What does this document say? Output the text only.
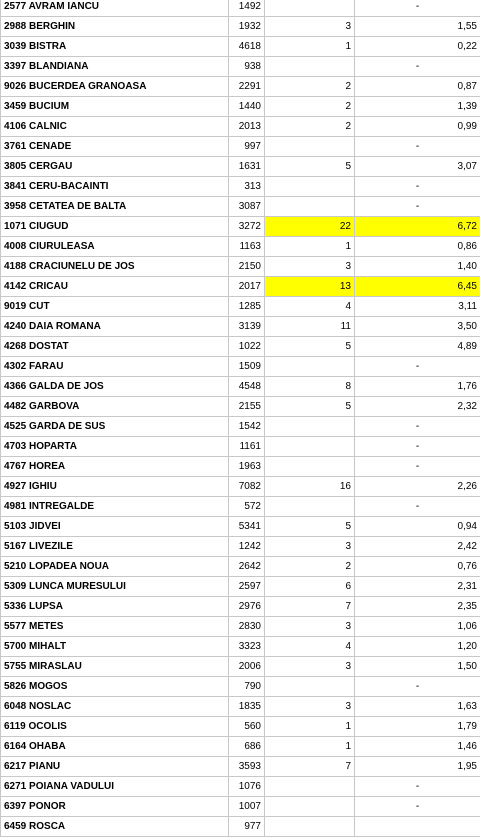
2577 AVRAM IANCU	1492		-
2988 BERGHIN	1932	3	1,55
3039 BISTRA	4618	1	0,22
3397 BLANDIANA	938		-
9026 BUCERDEA GRANOASA	2291	2	0,87
3459 BUCIUM	1440	2	1,39
4106 CALNIC	2013	2	0,99
3761 CENADE	997		-
3805 CERGAU	1631	5	3,07
3841 CERU-BACAINTI	313		-
3958 CETATEA DE BALTA	3087		-
1071 CIUGUD	3272	22	6,72
4008 CIURULEASA	1163	1	0,86
4188 CRACIUNELU DE JOS	2150	3	1,40
4142 CRICAU	2017	13	6,45
9019 CUT	1285	4	3,11
4240 DAIA ROMANA	3139	11	3,50
4268 DOSTAT	1022	5	4,89
4302 FARAU	1509		-
4366 GALDA DE JOS	4548	8	1,76
4482 GARBOVA	2155	5	2,32
4525 GARDA DE SUS	1542		-
4703 HOPARTA	1161		-
4767 HOREA	1963		-
4927 IGHIU	7082	16	2,26
4981 INTREGALDE	572		-
5103 JIDVEI	5341	5	0,94
5167 LIVEZILE	1242	3	2,42
5210 LOPADEA NOUA	2642	2	0,76
5309 LUNCA MURESULUI	2597	6	2,31
5336 LUPSA	2976	7	2,35
5577 METES	2830	3	1,06
5700 MIHALT	3323	4	1,20
5755 MIRASLAU	2006	3	1,50
5826 MOGOS	790		-
6048 NOSLAC	1835	3	1,63
6119 OCOLIS	560	1	1,79
6164 OHABA	686	1	1,46
6217 PIANU	3593	7	1,95
6271 POIANA VADULUI	1076		-
6397 PONOR	1007		-
6459 ROSCA	977		
